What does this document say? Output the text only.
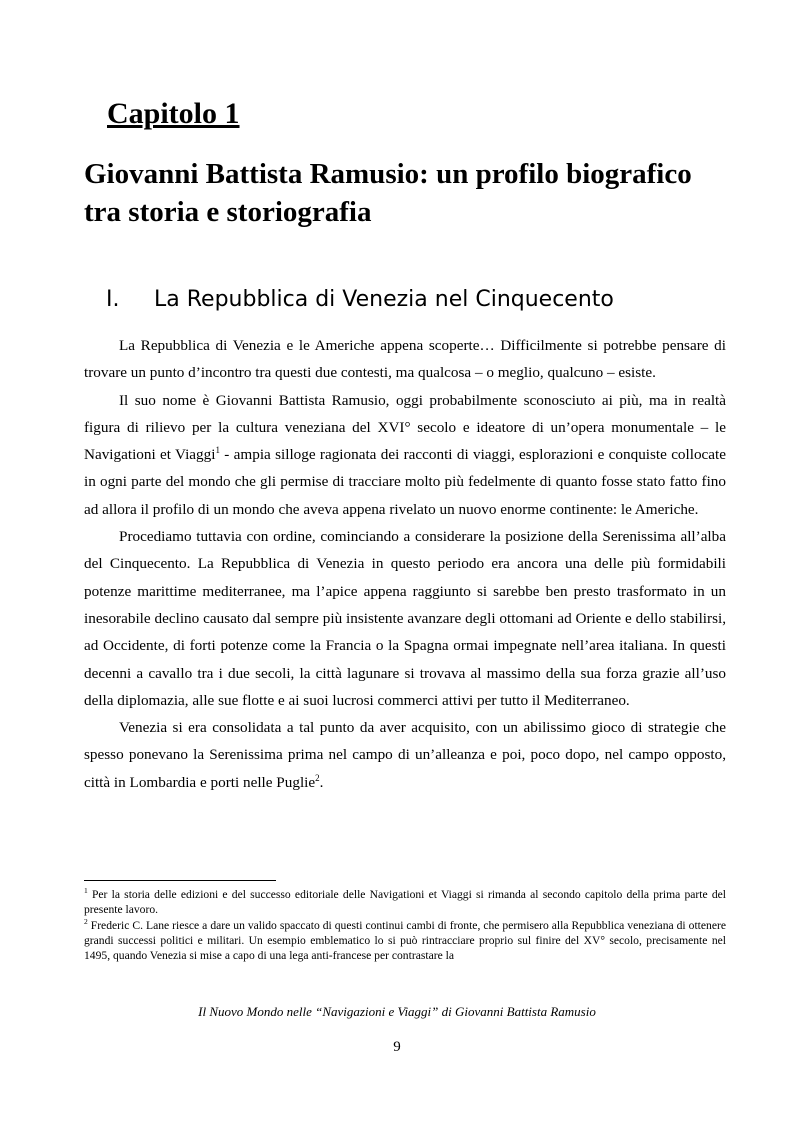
Capitolo 1
Giovanni Battista Ramusio: un profilo biografico tra storia e storiografia
I. La Repubblica di Venezia nel Cinquecento

La Repubblica di Venezia e le Americhe appena scoperte… Difficilmente si potrebbe pensare di trovare un punto d’incontro tra questi due contesti, ma qualcosa – o meglio, qualcuno – esiste.

Il suo nome è Giovanni Battista Ramusio, oggi probabilmente sconosciuto ai più, ma in realtà figura di rilievo per la cultura veneziana del XVI° secolo e ideatore di un’opera monumentale – le Navigationi et Viaggi$^1$ - ampia silloge ragionata dei racconti di viaggi, esplorazioni e conquiste collocate in ogni parte del mondo che gli permise di tracciare molto più fedelmente di quanto fosse stato fatto fino ad allora il profilo di un mondo che aveva appena rivelato un nuovo enorme continente: le Americhe.

Procediamo tuttavia con ordine, cominciando a considerare la posizione della Serenissima all’alba del Cinquecento. La Repubblica di Venezia in questo periodo era ancora una delle più formidabili potenze marittime mediterranee, ma l’apice appena raggiunto si sarebbe ben presto trasformato in un inesorabile declino causato dal sempre più insistente avanzare degli ottomani ad Oriente e dello stabilirsi, ad Occidente, di forti potenze come la Francia o la Spagna ormai impegnate nell’area italiana. In questi decenni a cavallo tra i due secoli, la città lagunare si trovava al massimo della sua forza grazie all’uso della diplomazia, alle sue flotte e ai suoi lucrosi commerci attivi per tutto il Mediterraneo.

Venezia si era consolidata a tal punto da aver acquisito, con un abilissimo gioco di strategie che spesso ponevano la Serenissima prima nel campo di un’alleanza e poi, poco dopo, nel campo opposto, città in Lombardia e porti nelle Puglie$^2$.

$^1$ Per la storia delle edizioni e del successo editoriale delle Navigationi et Viaggi si rimanda al secondo capitolo della prima parte del presente lavoro.

$^2$ Frederic C. Lane riesce a dare un valido spaccato di questi continui cambi di fronte, che permisero alla Repubblica veneziana di ottenere grandi successi politici e militari. Un esempio emblematico lo si può rintracciare proprio sul finire del XV° secolo, precisamente nel 1495, quando Venezia si mise a capo di una lega anti-francese per contrastare la

Il Nuovo Mondo nelle “Navigazioni e Viaggi” di Giovanni Battista Ramusio
9
